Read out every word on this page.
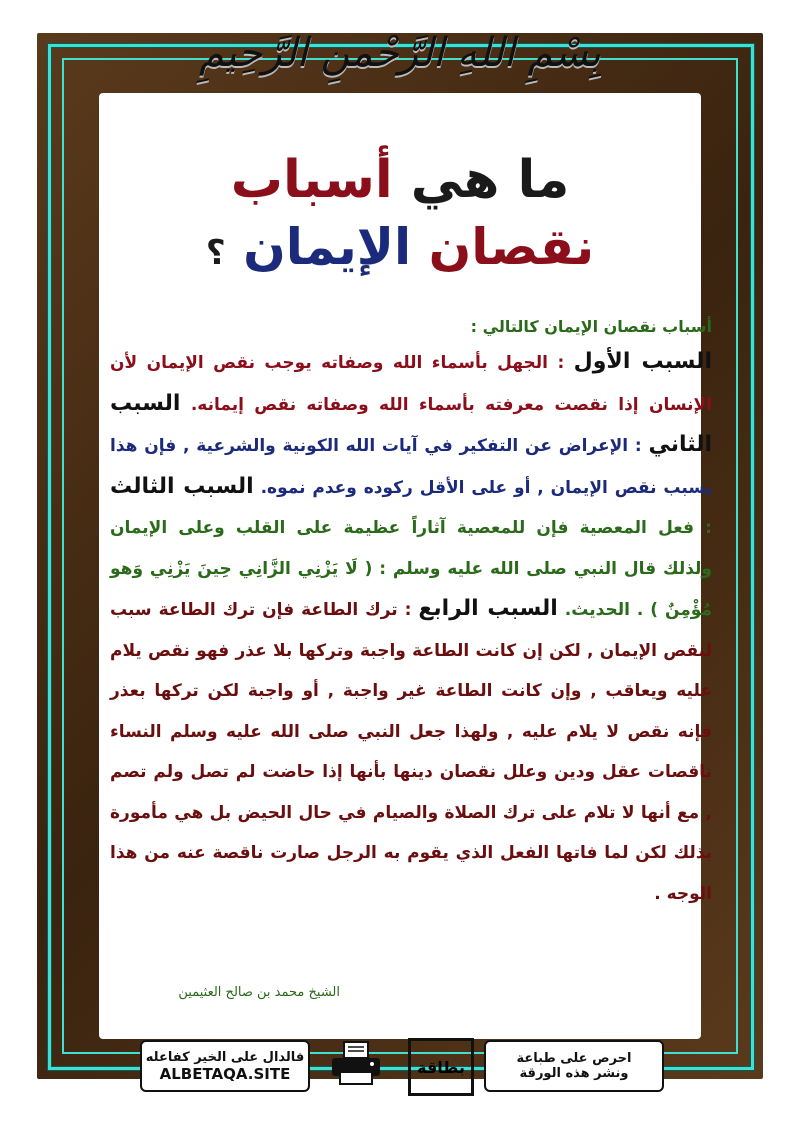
بِسْمِ اللهِ الرَّحْمنِ الرَّحِيمِ
ما هي أسباب
نقصان الإيمان ؟
أسباب نقصان الإيمان كالتالي :
السبب الأول : الجهل بأسماء الله وصفاته يوجب نقص الإيمان لأن الإنسان إذا نقصت معرفته بأسماء الله وصفاته نقص إيمانه. السبب الثاني : الإعراض عن التفكير في آيات الله الكونية والشرعية , فإن هذا يسبب نقص الإيمان , أو على الأقل ركوده وعدم نموه. السبب الثالث : فعل المعصية فإن للمعصية آثاراً عظيمة على القلب وعلى الإيمان ولذلك قال النبي صلى الله عليه وسلم : ( لَا يَزْنِي الزَّانِي حِينَ يَزْنِي وَهو مُؤْمِنٌ ) . الحديث. السبب الرابع : ترك الطاعة فإن ترك الطاعة سبب لنقص الإيمان , لكن إن كانت الطاعة واجبة وتركها بلا عذر فهو نقص يلام عليه ويعاقب , وإن كانت الطاعة غير واجبة , أو واجبة لكن تركها بعذر فإنه نقص لا يلام عليه , ولهذا جعل النبي صلى الله عليه وسلم النساء ناقصات عقل ودين وعلل نقصان دينها بأنها إذا حاضت لم تصل ولم تصم , مع أنها لا تلام على ترك الصلاة والصيام في حال الحيض بل هي مأمورة بذلك لكن لما فاتها الفعل الذي يقوم به الرجل صارت ناقصة عنه من هذا الوجه .
الشيخ محمد بن صالح العثيمين
فالدال على الخير كفاعله
ALBETAQA.SITE	بطاقة	احرص على طباعة
ونشر هذه الورقة
